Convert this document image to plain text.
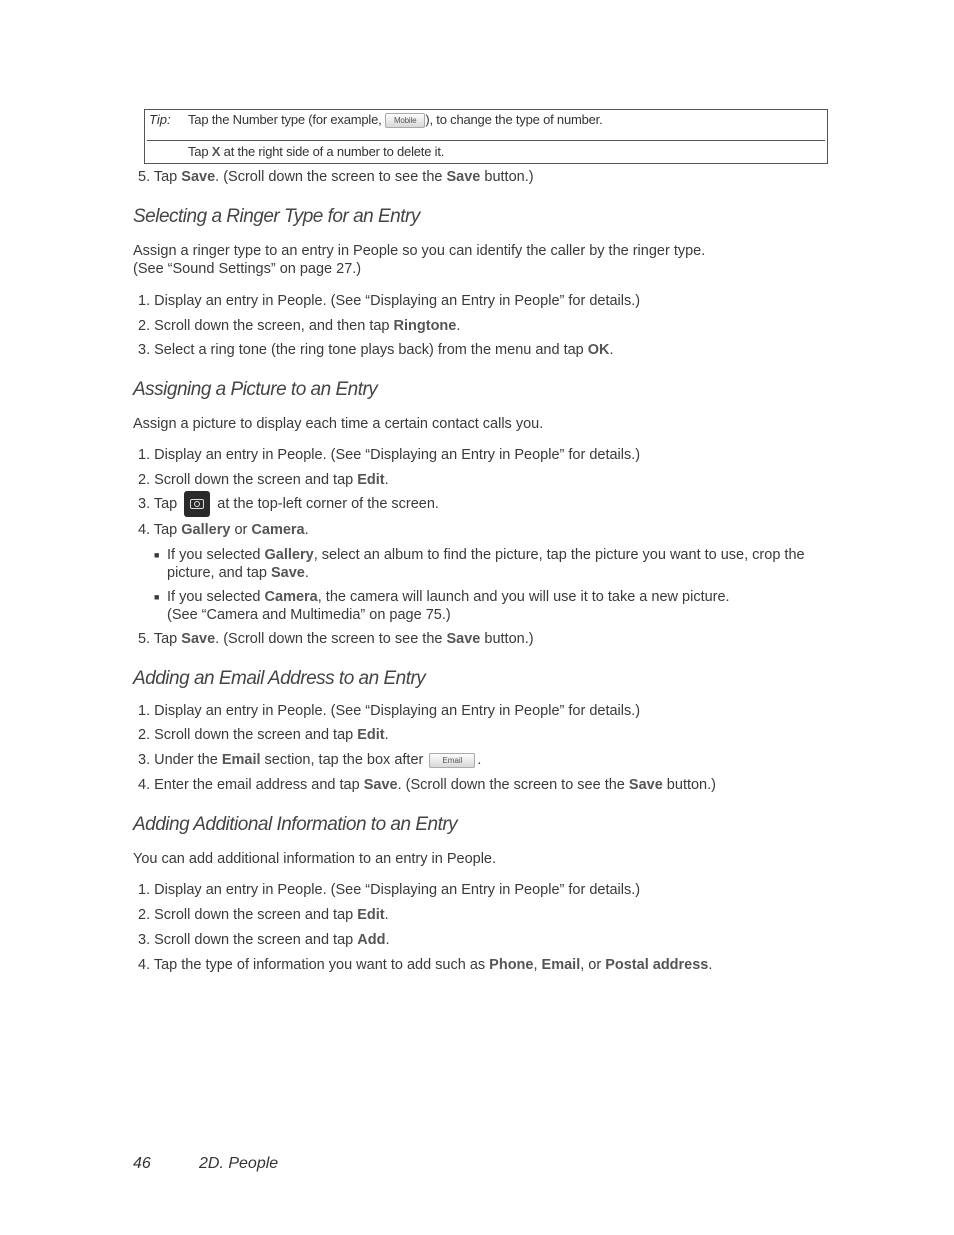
Tip: Tap the Number type (for example, Mobile ), to change the type of number.
Tap X at the right side of a number to delete it.
5. Tap Save. (Scroll down the screen to see the Save button.)
Selecting a Ringer Type for an Entry
Assign a ringer type to an entry in People so you can identify the caller by the ringer type.
(See “Sound Settings” on page 27.)
1. Display an entry in People. (See “Displaying an Entry in People” for details.)
2. Scroll down the screen, and then tap Ringtone.
3. Select a ring tone (the ring tone plays back) from the menu and tap OK.
Assigning a Picture to an Entry
Assign a picture to display each time a certain contact calls you.
1. Display an entry in People. (See “Displaying an Entry in People” for details.)
2. Scroll down the screen and tap Edit.
3. Tap
at the top-left corner of the screen.
4. Tap Gallery or Camera.
■ If you selected Gallery, select an album to find the picture, tap the picture you want to use, crop the picture, and tap Save.
■ If you selected Camera, the camera will launch and you will use it to take a new picture.
(See “Camera and Multimedia” on page 75.)
5. Tap Save. (Scroll down the screen to see the Save button.)
Adding an Email Address to an Entry
1. Display an entry in People. (See “Displaying an Entry in People” for details.)
2. Scroll down the screen and tap Edit.
3. Under the Email section, tap the box after Email .
4. Enter the email address and tap Save. (Scroll down the screen to see the Save button.)
Adding Additional Information to an Entry
You can add additional information to an entry in People.
1. Display an entry in People. (See “Displaying an Entry in People” for details.)
2. Scroll down the screen and tap Edit.
3. Scroll down the screen and tap Add.
4. Tap the type of information you want to add such as Phone, Email, or Postal address.
46	2D. People
